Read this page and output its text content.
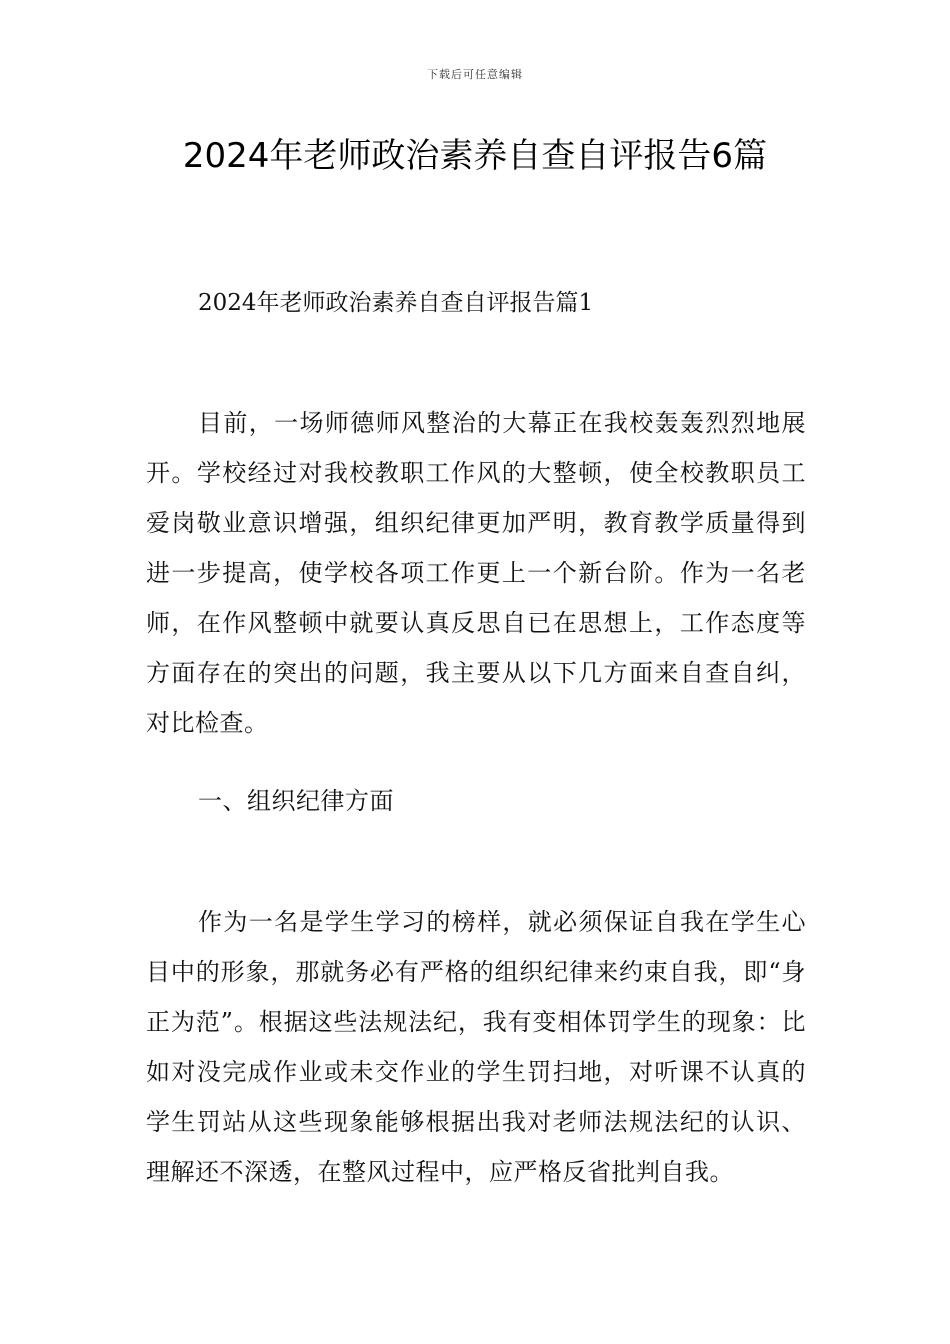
下载后可任意编辑
2024年老师政治素养自查自评报告6篇
2024年老师政治素养自查自评报告篇1

目前，一场师德师风整治的大幕正在我校轰轰烈烈地展开。学校经过对我校教职工作风的大整顿，使全校教职员工爱岗敬业意识增强，组织纪律更加严明，教育教学质量得到进一步提高，使学校各项工作更上一个新台阶。作为一名老师，在作风整顿中就要认真反思自已在思想上，工作态度等方面存在的突出的问题，我主要从以下几方面来自查自纠，对比检查。

一、组织纪律方面

作为一名是学生学习的榜样，就必须保证自我在学生心目中的形象，那就务必有严格的组织纪律来约束自我，即“身正为范”。根据这些法规法纪，我有变相体罚学生的现象：比如对没完成作业或未交作业的学生罚扫地，对听课不认真的学生罚站从这些现象能够根据出我对老师法规法纪的认识、理解还不深透，在整风过程中，应严格反省批判自我。
